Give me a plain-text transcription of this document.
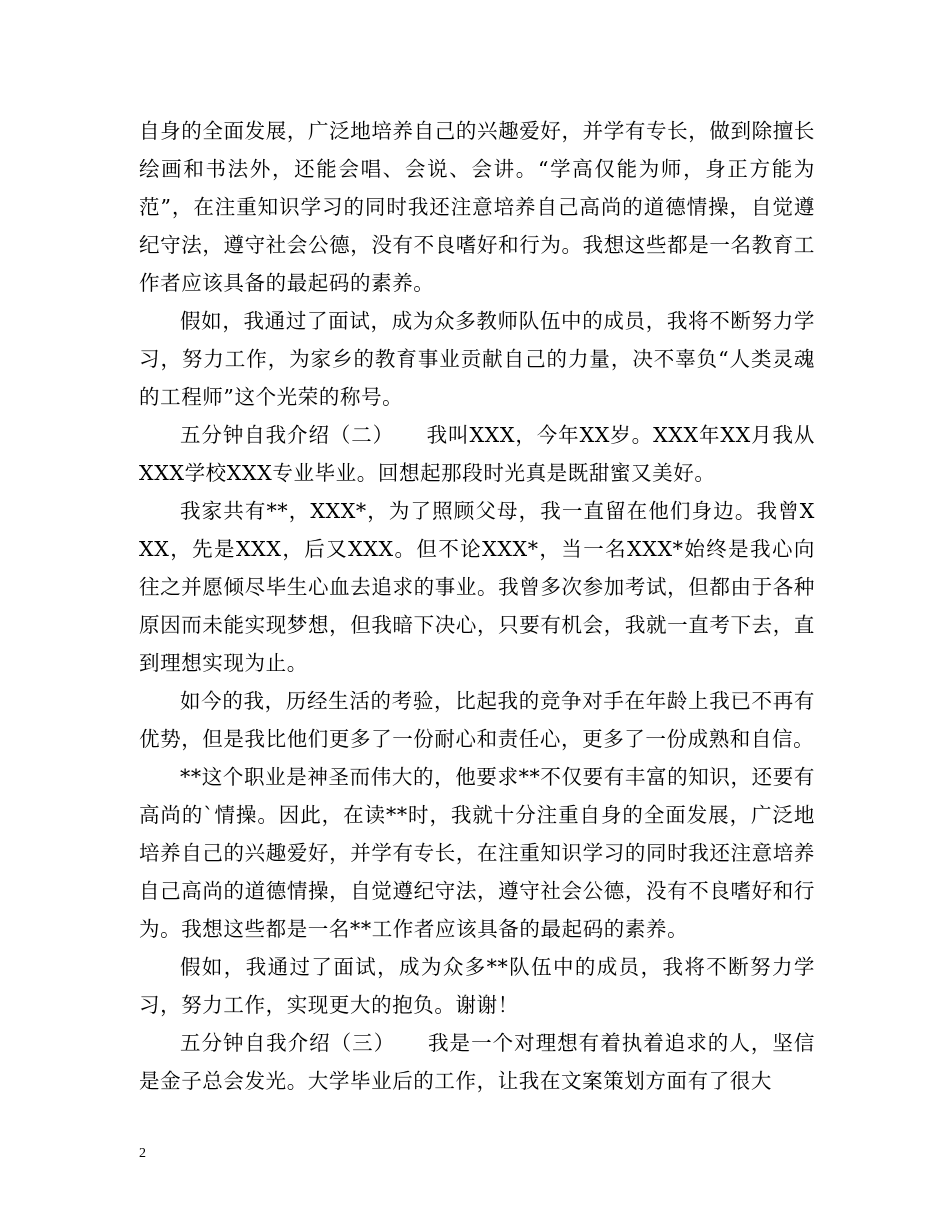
自身的全面发展，广泛地培养自己的兴趣爱好，并学有专长，做到除擅长绘画和书法外，还能会唱、会说、会讲。“学高仅能为师，身正方能为范”，在注重知识学习的同时我还注意培养自己高尚的道德情操，自觉遵纪守法，遵守社会公德，没有不良嗜好和行为。我想这些都是一名教育工作者应该具备的最起码的素养。

假如，我通过了面试，成为众多教师队伍中的成员，我将不断努力学习，努力工作，为家乡的教育事业贡献自己的力量，决不辜负“人类灵魂的工程师”这个光荣的称号。

五分钟自我介绍（二）　　我叫XXX，今年XX岁。XXX年XX月我从XXX学校XXX专业毕业。回想起那段时光真是既甜蜜又美好。

我家共有**，XXX*，为了照顾父母，我一直留在他们身边。我曾XXX，先是XXX，后又XXX。但不论XXX*，当一名XXX*始终是我心向往之并愿倾尽毕生心血去追求的事业。我曾多次参加考试，但都由于各种原因而未能实现梦想，但我暗下决心，只要有机会，我就一直考下去，直到理想实现为止。

如今的我，历经生活的考验，比起我的竞争对手在年龄上我已不再有优势，但是我比他们更多了一份耐心和责任心，更多了一份成熟和自信。

**这个职业是神圣而伟大的，他要求**不仅要有丰富的知识，还要有高尚的`情操。因此，在读**时，我就十分注重自身的全面发展，广泛地培养自己的兴趣爱好，并学有专长，在注重知识学习的同时我还注意培养自己高尚的道德情操，自觉遵纪守法，遵守社会公德，没有不良嗜好和行为。我想这些都是一名**工作者应该具备的最起码的素养。

假如，我通过了面试，成为众多**队伍中的成员，我将不断努力学习，努力工作，实现更大的抱负。谢谢！

五分钟自我介绍（三）　　我是一个对理想有着执着追求的人，坚信是金子总会发光。大学毕业后的工作，让我在文案策划方面有了很大

2
